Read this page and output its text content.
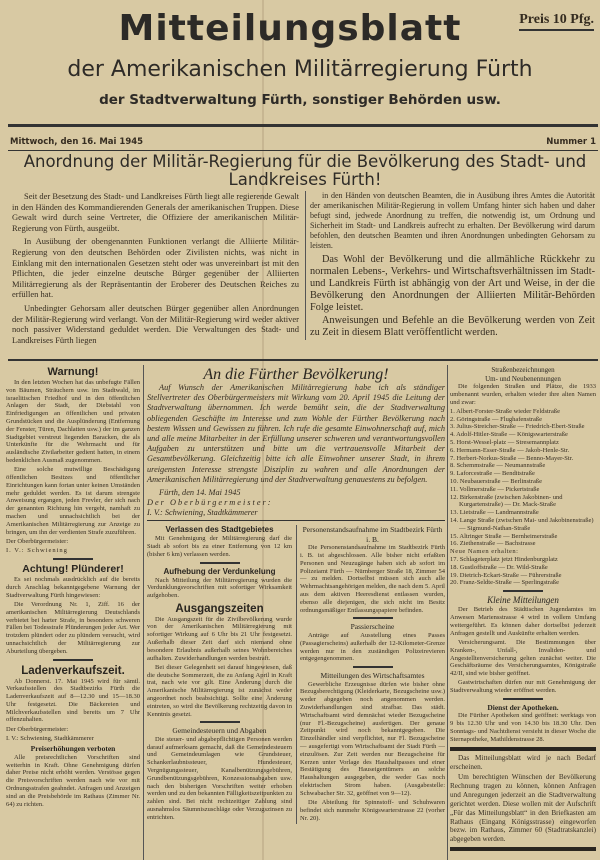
Mitteilungsblatt	Preis 10 Pfg.
der Amerikanischen Militärregierung Fürth
der Stadtverwaltung Fürth, sonstiger Behörden usw.
Mittwoch, den 16. Mai 1945	Nummer 1
Anordnung der Militär-Regierung für die Bevölkerung des Stadt- und Landkreises Fürth!

Seit der Besetzung des Stadt- und Landkreises Fürth liegt alle regierende Gewalt in den Händen des Kommandierenden Generals der amerikanischen Truppen. Diese Gewalt wird durch seine Vertreter, die Offiziere der amerikanischen Militär-Regierung von Fürth, ausgeübt.

In Ausübung der obengenannten Funktionen verlangt die Alliierte Militär-Regierung von den deutschen Behörden oder Zivilisten nichts, was nicht in Einklang mit den internationalen Gesetzen steht oder was unvereinbart ist mit den Pflichten, die jeder einzelne deutsche Bürger gegenüber der Alliierten Militärregierung als der Repräsentantin der Eroberer des Deutschen Reiches zu erfüllen hat.

Unbedingter Gehorsam aller deutschen Bürger gegenüber allen Anordnungen der Militär-Regierung wird verlangt. Von der Militär-Regierung wird weder aktiver noch passiver Widerstand geduldet werden. Die Verwaltungen des Stadt- und Landkreises Fürth liegen

in den Händen von deutschen Beamten, die in Ausübung ihres Amtes die Autorität der amerikanischen Militär-Regierung in vollem Umfang hinter sich haben und daher befugt sind, jedwede Anordnung zu treffen, die notwendig ist, um Ordnung und Sicherheit im Stadt- und Landkreis aufrecht zu erhalten. Der Bevölkerung wird darum befohlen, den deutschen Beamten und ihren Anordnungen unbedingten Gehorsam zu leisten.

Das Wohl der Bevölkerung und die allmähliche Rückkehr zu normalen Lebens-, Verkehrs- und Wirtschaftsverhältnissen im Stadt- und Landkreis Fürth ist abhängig von der Art und Weise, in der die Bevölkerung den Anordnungen der Alliierten Militär-Behörden Folge leistet.

Anweisungen und Befehle an die Bevölkerung werden von Zeit zu Zeit in diesem Blatt veröffentlicht werden.

Warnung!

In den letzten Wochen hat das unbefugte Fällen von Bäumen, Sträuchern usw. im Stadtwald, im israelitischen Friedhof und in den öffentlichen Anlagen der Stadt, der Diebstahl von Einfriedigungen an öffentlichen und privaten Grundstücken und die Ausplünderung (Entfernung der Fenster, Türen, Dachlatten usw.) der im ganzen Stadtgebiet verstreut liegenden Baracken, die als Unterkünfte für die Wehrmacht und für ausländische Zivilarbeiter gedient hatten, in einem bedenklichen Ausmaß zugenommen.

Eine solche mutwillige Beschädigung öffentlichen Besitzes und öffentlicher Einrichtungen kann fortan unter keinen Umständen mehr geduldet werden. Es ist darum strengste Anweisung ergangen, jeden Frevler, der sich nach der genannten Richtung hin vergeht, namhaft zu machen und unnachsichtlich bei der Amerikanischen Militärregierung zur Anzeige zu bringen, um ihn der verdienten Strafe zuzuführen.

Der Oberbürgermeister:

I. V.: Schwiening

Achtung! Plünderer!

Es sei nochmals ausdrücklich auf die bereits durch Anschlag bekanntgegebene Warnung der Stadtverwaltung Fürth hingewiesen:

Die Verordnung Nr. 1, Ziff. 16 der amerikanischen Militärregierung Deutschlands verbietet bei harter Strafe, in besonders schweren Fällen bei Todesstrafe Plünderungen jeder Art. Wer trotzdem plündert oder zu plündern versucht, wird unnachsichtlich der Militärregierung zur Aburteilung übergeben.

Ladenverkaufszeit.

Ab Donnerst. 17. Mai 1945 wird für sämtl. Verkaufsstellen des Stadtbezirks Fürth die Ladenverkaufszeit auf 8—12.30 und 15—18.30 Uhr festgesetzt. Die Bäckereien und Milchverkaufsstellen sind bereits um 7 Uhr offenzuhalten.

Der Oberbürgermeister:

I. V.: Schwiening, Stadtkämmerer

Preiserhöhungen verboten

Alle preisrechtlichen Vorschriften sind weiterhin in Kraft. Ohne Genehmigung dürfen daher Preise nicht erhöht werden. Verstösse gegen die Preisvorschriften werden nach wie vor mit Ordnungsstrafen geahndet. Anfragen und Anzeigen sind an die Preisbehörde im Rathaus (Zimmer Nr. 64) zu richten.

An die Fürther Bevölkerung!

Auf Wunsch der Amerikanischen Militärregierung habe ich als ständiger Stellvertreter des Oberbürgermeisters mit Wirkung vom 20. April 1945 die Leitung der Stadtverwaltung übernommen. Ich werde bemüht sein, die der Stadtverwaltung obliegenden Geschäfte im Interesse und zum Wohle der Fürther Bevölkerung nach bestem Wissen und Gewissen zu führen. Ich rufe die gesamte Einwohnerschaft auf, mich und alle meine Mitarbeiter in der Erfüllung unserer schweren und verantwortungsvollen Aufgaben zu unterstützen und bitte um die vertrauensvolle Mitarbeit der Gesamtbevölkerung. Gleichzeitig bitte ich alle Einwohner unserer Stadt, in ihrem ureigensten Interesse strengste Disziplin zu wahren und alle Anordnungen der Amerikanischen Militärregierung und der Stadtverwaltung genauestens zu befolgen.

Fürth, den 14. Mai 1945

Der Oberbürgermeister:

I. V.: Schwiening, Stadtkämmerer

Verlassen des Stadtgebietes

Mit Genehmigung der Militärregierung darf die Stadt ab sofort bis zu einer Entfernung von 12 km (bisher 6 km) verlassen werden.

Aufhebung der Verdunkelung

Nach Mitteilung der Militärregierung wurden die Verdunklungsvorschriften mit sofortiger Wirksamkeit aufgehoben.

Ausgangszeiten

Die Ausgangszeit für die Zivilbevölkerung wurde von der Amerikanischen Militärregierung mit sofortiger Wirkung auf 6 Uhr bis 21 Uhr festgesetzt. Außerhalb dieser Zeit darf sich niemand ohne besondere Erlaubnis außerhalb seines Wohnbereiches aufhalten. Zuwiderhandlungen werden bestraft.

Bei dieser Gelegenheit sei darauf hingewiesen, daß die deutsche Sommerzeit, die zu Anfang April in Kraft trat, nach wie vor gilt. Eine Änderung durch die Amerikanische Militärregierung ist zunächst weder angeordnet noch beabsichtigt. Sollte eine Änderung eintreten, so wird die Bevölkerung rechtzeitig davon in Kenntnis gesetzt.

Gemeindesteuern und Abgaben

Die steuer- und abgabepflichtigen Personen werden darauf aufmerksam gemacht, daß die Gemeindesteuern und Gemeindeumlagen wie Grundsteuer, Schankerlaubnissteuer, Hundesteuer, Vergnügungssteuer, Kanalbenützungsgebühren, Grundbenützungsgebühren, Konzessionsabgaben usw. nach den bisherigen Vorschriften weiter erhoben werden und zu den bekannten Fälligkeitszeitpunkten zu zahlen sind. Bei nicht rechtzeitiger Zahlung sind ausnahmslos Säumniszuschläge oder Verzugszinsen zu entrichten.

Personenstandsaufnahme im Stadtbezirk Fürth i. B.

Die Personenstandsaufnahme im Stadtbezirk Fürth i. B. ist abgeschlossen. Alle bisher nicht erfaßten Personen und Neuzugänge haben sich ab sofort im Polizeiamt Fürth — Nürnberger Straße 18, Zimmer 54 — zu melden. Dortselbst müssen sich auch alle Wehrmachtsangehörigen melden, die nach dem 5. April aus dem aktiven Heeresdienst entlassen wurden, ebenso alle diejenigen, die sich nicht im Besitz ordnungsmäßiger Entlassungspapiere befinden.

Passierscheine

Anträge auf Ausstellung eines Passes (Passagierscheins) außerhalb der 12-Kilometer-Grenze werden nur in den zuständigen Polizeirevieren entgegengenommen.

Mitteilungen des Wirtschaftsamtes

Gewerbliche Erzeugnisse dürfen wie bisher ohne Bezugsberechtigung (Kleiderkarte, Bezugscheine usw.) weder abgegeben noch angenommen werden. Zuwiderhandlungen sind strafbar. Das städt. Wirtschaftsamt wird demnächst wieder Bezugscheine (nur Fl.-Bezugscheine) ausfertigen. Der genaue Zeitpunkt wird noch bekanntgegeben. Die Einzelhändler sind verpflichtet, nur Fl. Bezugscheine — ausgefertigt vom Wirtschaftsamt der Stadt Fürth — einzulösen. Zur Zeit werden nur Bezugscheine für Kerzen unter Vorlage des Haushaltpasses und einer Bestätigung des Hauseigentümers an solche Haushaltungen ausgegeben, die weder Gas noch elektrischen Strom haben. (Ausgabestelle: Schwabacher Str. 32, geöffnet von 9—12).

Die Abteilung für Spinnstoff- und Schuhwaren befindet sich nunmehr Königswarterstrasse 22 (vorher Nr. 20).

Straßenbezeichnungen
Um- und Neubenennungen

Die folgenden Straßen und Plätze, die 1933 umbenannt wurden, erhalten wieder ihre alten Namen und zwar:

1. Albert-Forster-Straße wieder Feldstraße
2. Göringstraße — Flughafenstraße
3. Julius-Streicher-Straße — Friedrich-Ebert-Straße
4. Adolf-Hitler-Straße — Königswarterstraße
5. Horst-Wessel-platz — Stresemannplatz
6. Hermann-Esser-Straße — Jakob-Henle-Str.
7. Herbert-Norkus-Straße — Benno-Mayer-Str.
8. Schemmstraße — Neumannstraße
9. Laforcestraße — Benditstraße
10. Neubauerstraße — Berlinstraße
11. Vollmerstraße — Pickertstraße
12. Birkenstraße (zwischen Jakobinen- und Kurgartenstraße) — Dr. Mack-Straße
13. Lietstraße — Landmannstraße
14. Lange Straße (zwischen Mai- und Jakobinenstraße) — Sigmund-Nathan-Straße
15. Altringer Straße — Bernheimerstraße
16. Ziethenstraße — Bachstrasse

Neue Namen erhalten:

17. Schlageterplatz jetzt Hindenburgplatz
18. Gustloffstraße — Dr. Wild-Straße
19. Dietrich-Eckart-Straße — Führerstraße
20. Franz-Seldte-Straße — Sperlingstraße
Kleine Mitteilungen

Der Betrieb des Städtischen Jugendamtes im Anwesen Mariensstrasse 4 wird in vollem Umfang weitergeführt. Es können daher dortselbst jederzeit Anfragen gestellt und Auskünfte erhalten werden.

Versicherungsamt. Die Bestimmungen über Kranken-, Unfall-, Invaliden- und Angestelltenversicherung gelten zunächst weiter. Die Geschäftsräume des Versicherungsamtes, Königstraße 42/II, sind wie bisher geöffnet.

Gastwirtschaften dürfen nur mit Genehmigung der Stadtverwaltung wieder eröffnet werden.

Dienst der Apotheken.

Die Fürther Apotheken sind geöffnet: werktags von 9 bis 12.30 Uhr und von 14.30 bis 18.30 Uhr. Den Sonntags- und Nachtdienst versieht in dieser Woche die Sternapotheke, Mathildenstrasse 28.

Das Mitteilungsblatt wird je nach Bedarf erscheinen.

Um berechtigten Wünschen der Bevölkerung Rechnung tragen zu können, können Anfragen und Anregungen jederzeit an die Stadtverwaltung gerichtet werden. Diese wollen mit der Aufschrift „Für das Mitteilungsblatt“ in den Briefkasten am Rathaus (Eingang Königsstrasse) eingeworfen bezw. im Rathaus, Zimmer 60 (Stadtratskanzlei) abgegeben werden.
